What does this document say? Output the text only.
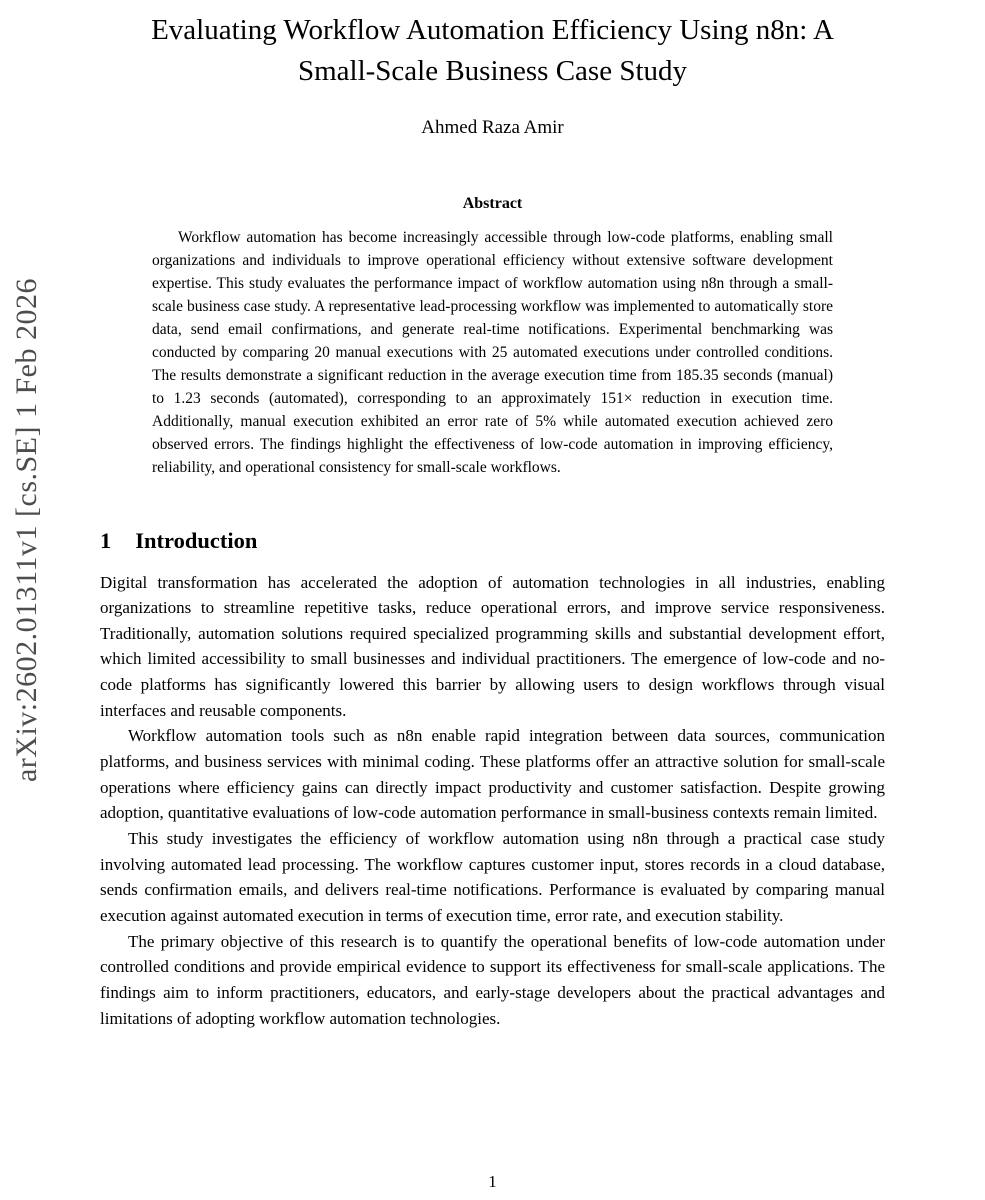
arXiv:2602.01311v1 [cs.SE] 1 Feb 2026
Evaluating Workflow Automation Efficiency Using n8n: A Small-Scale Business Case Study
Ahmed Raza Amir
Abstract

Workflow automation has become increasingly accessible through low-code platforms, enabling small organizations and individuals to improve operational efficiency without extensive software development expertise. This study evaluates the performance impact of workflow automation using n8n through a small-scale business case study. A representative lead-processing workflow was implemented to automatically store data, send email confirmations, and generate real-time notifications. Experimental benchmarking was conducted by comparing 20 manual executions with 25 automated executions under controlled conditions. The results demonstrate a significant reduction in the average execution time from 185.35 seconds (manual) to 1.23 seconds (automated), corresponding to an approximately 151× reduction in execution time. Additionally, manual execution exhibited an error rate of 5% while automated execution achieved zero observed errors. The findings highlight the effectiveness of low-code automation in improving efficiency, reliability, and operational consistency for small-scale workflows.

1 Introduction

Digital transformation has accelerated the adoption of automation technologies in all industries, enabling organizations to streamline repetitive tasks, reduce operational errors, and improve service responsiveness. Traditionally, automation solutions required specialized programming skills and substantial development effort, which limited accessibility to small businesses and individual practitioners. The emergence of low-code and no-code platforms has significantly lowered this barrier by allowing users to design workflows through visual interfaces and reusable components.

Workflow automation tools such as n8n enable rapid integration between data sources, communication platforms, and business services with minimal coding. These platforms offer an attractive solution for small-scale operations where efficiency gains can directly impact productivity and customer satisfaction. Despite growing adoption, quantitative evaluations of low-code automation performance in small-business contexts remain limited.

This study investigates the efficiency of workflow automation using n8n through a practical case study involving automated lead processing. The workflow captures customer input, stores records in a cloud database, sends confirmation emails, and delivers real-time notifications. Performance is evaluated by comparing manual execution against automated execution in terms of execution time, error rate, and execution stability.

The primary objective of this research is to quantify the operational benefits of low-code automation under controlled conditions and provide empirical evidence to support its effectiveness for small-scale applications. The findings aim to inform practitioners, educators, and early-stage developers about the practical advantages and limitations of adopting workflow automation technologies.

1
